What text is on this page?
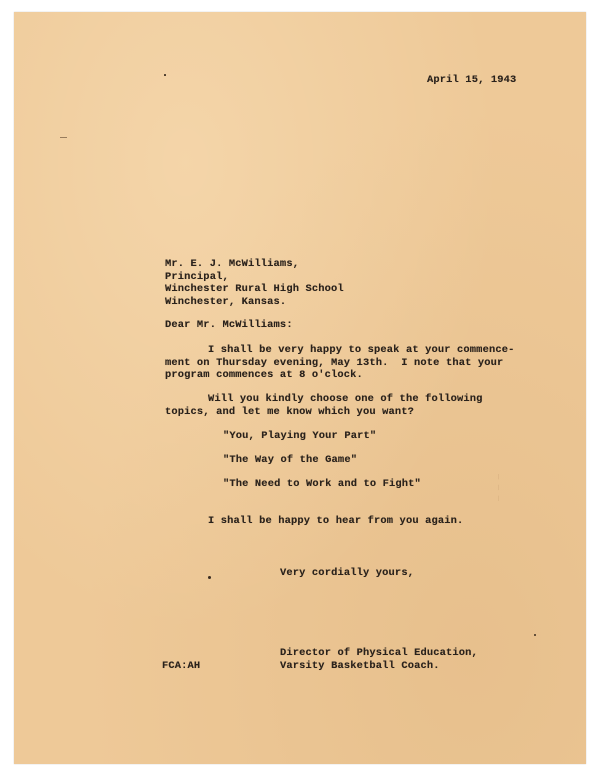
_ _ _
April 15, 1943
Mr. E. J. McWilliams,
Principal,
Winchester Rural High School
Winchester, Kansas.
Dear Mr. McWilliams:
I shall be very happy to speak at your commence-
ment on Thursday evening, May 13th.  I note that your
program commences at 8 o'clock.
Will you kindly choose one of the following
topics, and let me know which you want?
"You, Playing Your Part"
"The Way of the Game"
"The Need to Work and to Fight"
I shall be happy to hear from you again.
Very cordially yours,
Director of Physical Education,
Varsity Basketball Coach.
FCA:AH
